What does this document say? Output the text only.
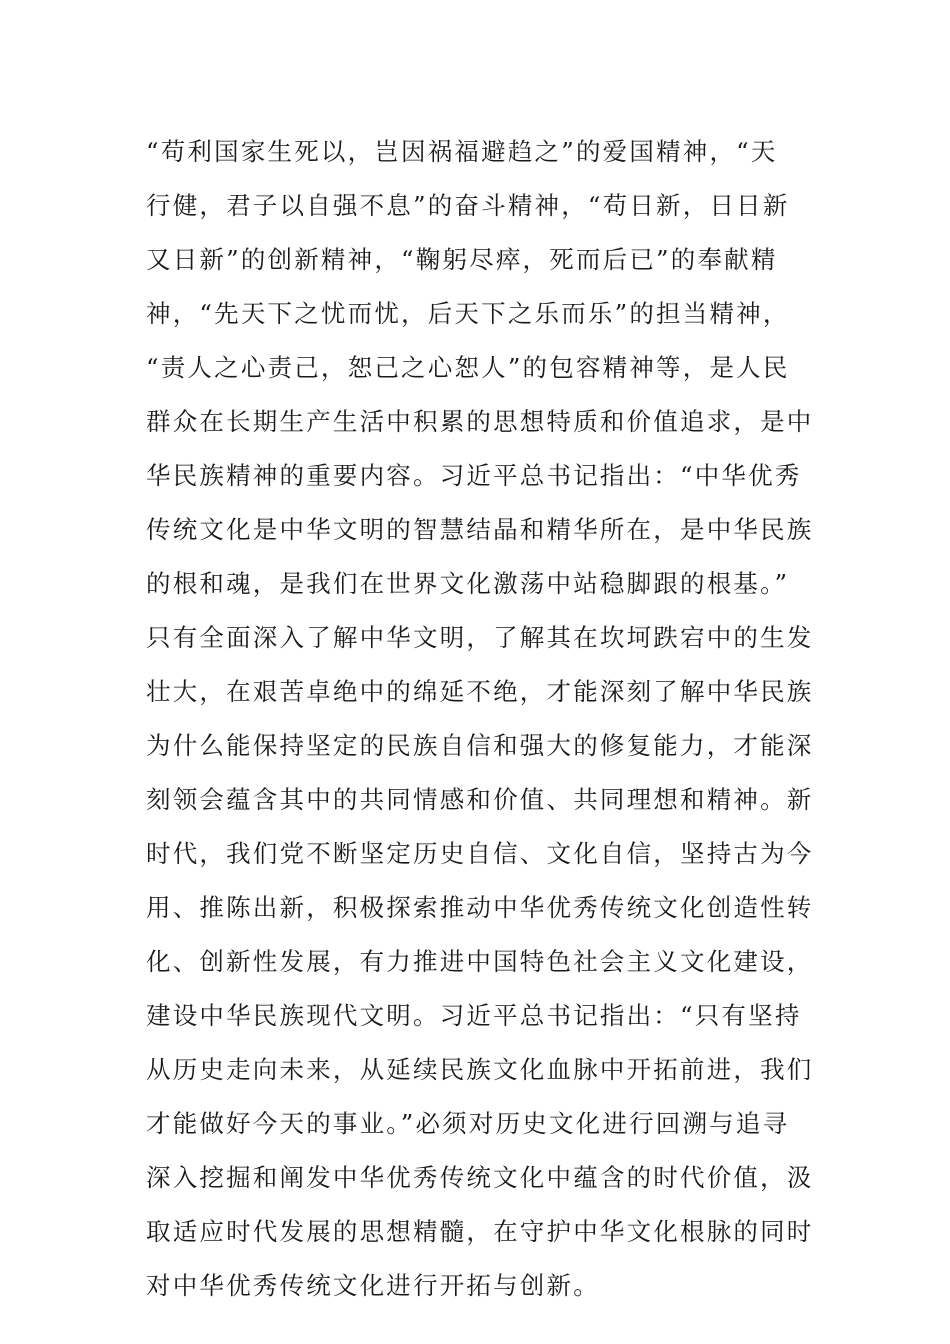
“苟利国家生死以，岂因祸福避趋之”的爱国精神，“天
行健，君子以自强不息”的奋斗精神，“苟日新，日日新
又日新”的创新精神，“鞠躬尽瘁，死而后已”的奉献精
神，“先天下之忧而忧，后天下之乐而乐”的担当精神，
“责人之心责己，恕己之心恕人”的包容精神等，是人民
群众在长期生产生活中积累的思想特质和价值追求，是中
华民族精神的重要内容。习近平总书记指出：“中华优秀
传统文化是中华文明的智慧结晶和精华所在，是中华民族
的根和魂，是我们在世界文化激荡中站稳脚跟的根基。”
只有全面深入了解中华文明，了解其在坎坷跌宕中的生发
壮大，在艰苦卓绝中的绵延不绝，才能深刻了解中华民族
为什么能保持坚定的民族自信和强大的修复能力，才能深
刻领会蕴含其中的共同情感和价值、共同理想和精神。新
时代，我们党不断坚定历史自信、文化自信，坚持古为今
用、推陈出新，积极探索推动中华优秀传统文化创造性转
化、创新性发展，有力推进中国特色社会主义文化建设，
建设中华民族现代文明。习近平总书记指出：“只有坚持
从历史走向未来，从延续民族文化血脉中开拓前进，我们
才能做好今天的事业。”必须对历史文化进行回溯与追寻
深入挖掘和阐发中华优秀传统文化中蕴含的时代价值，汲
取适应时代发展的思想精髓，在守护中华文化根脉的同时
对中华优秀传统文化进行开拓与创新。
